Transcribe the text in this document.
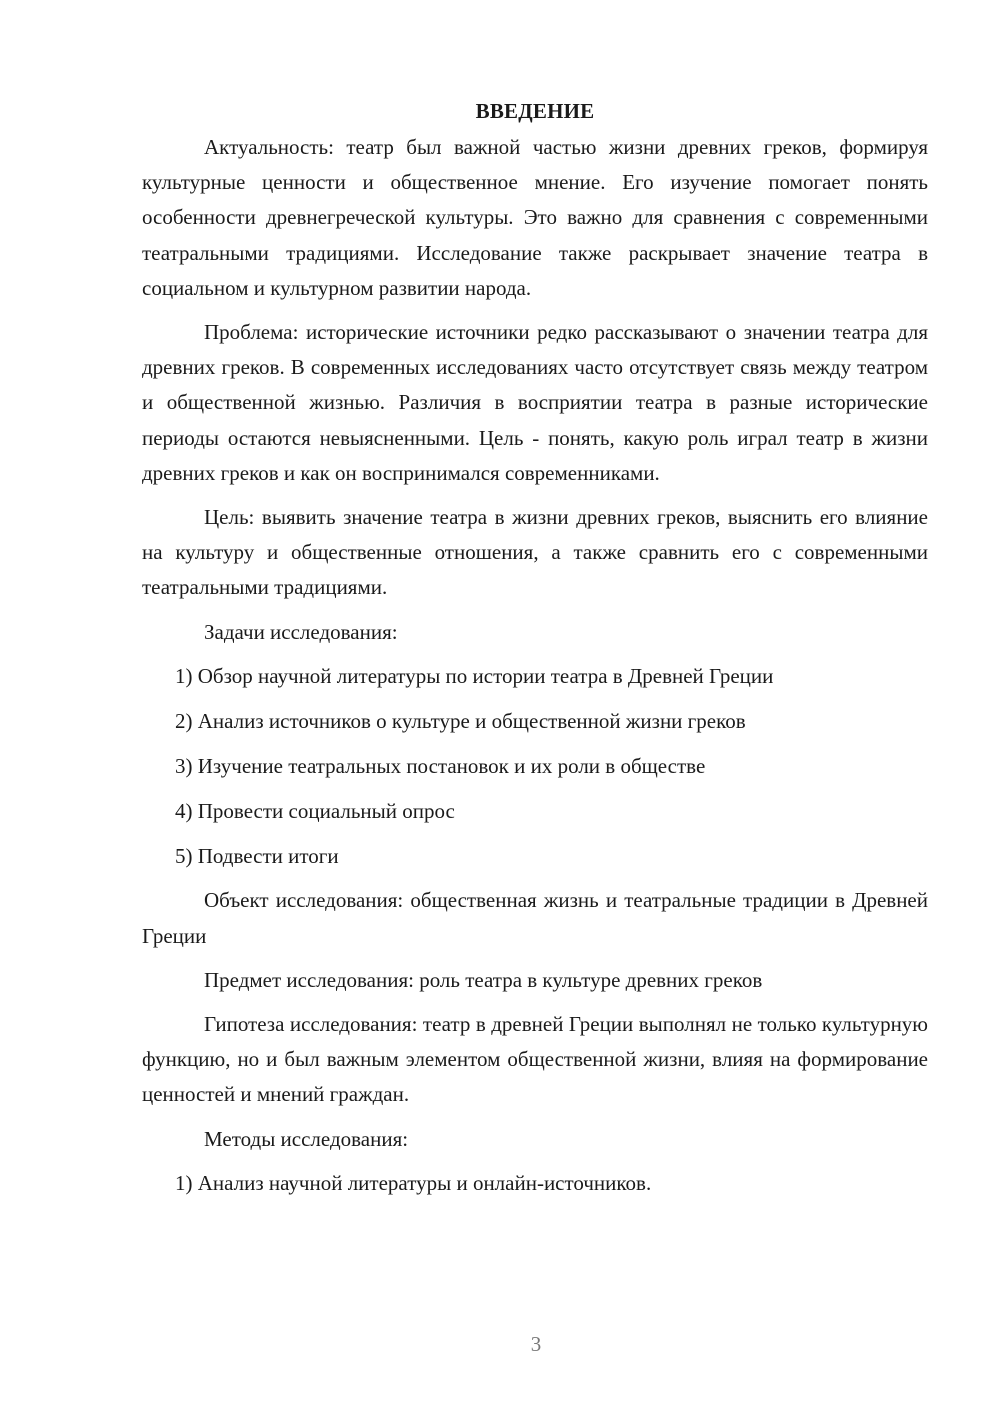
ВВЕДЕНИЕ

Актуальность: театр был важной частью жизни древних греков, формируя культурные ценности и общественное мнение. Его изучение помогает понять особенности древнегреческой культуры. Это важно для сравнения с современными театральными традициями. Исследование также раскрывает значение театра в социальном и культурном развитии народа.

Проблема: исторические источники редко рассказывают о значении театра для древних греков. В современных исследованиях часто отсутствует связь между театром и общественной жизнью. Различия в восприятии театра в разные исторические периоды остаются невыясненными. Цель - понять, какую роль играл театр в жизни древних греков и как он воспринимался современниками.

Цель: выявить значение театра в жизни древних греков, выяснить его влияние на культуру и общественные отношения, а также сравнить его с современными театральными традициями.

Задачи исследования:
1) Обзор научной литературы по истории театра в Древней Греции
2) Анализ источников о культуре и общественной жизни греков
3) Изучение театральных постановок и их роли в обществе
4) Провести социальный опрос
5) Подвести итоги

Объект исследования: общественная жизнь и театральные традиции в Древней Греции

Предмет исследования: роль театра в культуре древних греков

Гипотеза исследования: театр в древней Греции выполнял не только культурную функцию, но и был важным элементом общественной жизни, влияя на формирование ценностей и мнений граждан.

Методы исследования:
1) Анализ научной литературы и онлайн-источников.
3
